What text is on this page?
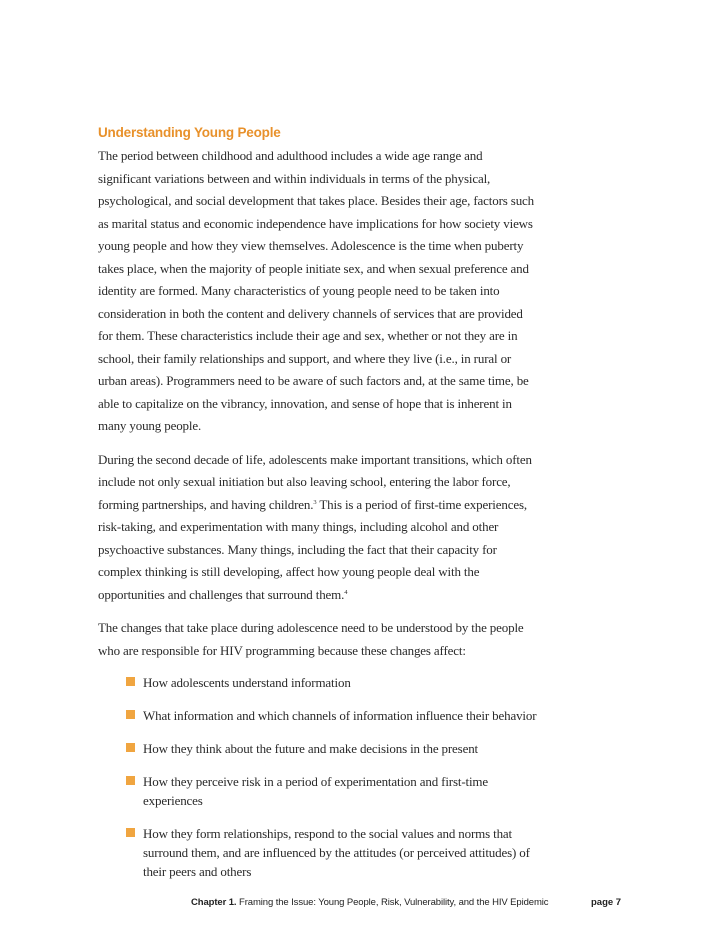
Understanding Young People

The period between childhood and adulthood includes a wide age range and significant variations between and within individuals in terms of the physical, psychological, and social development that takes place. Besides their age, factors such as marital status and economic independence have implications for how society views young people and how they view themselves. Adolescence is the time when puberty takes place, when the majority of people initiate sex, and when sexual preference and identity are formed. Many characteristics of young people need to be taken into consideration in both the content and delivery channels of services that are provided for them. These characteristics include their age and sex, whether or not they are in school, their family relationships and support, and where they live (i.e., in rural or urban areas). Programmers need to be aware of such factors and, at the same time, be able to capitalize on the vibrancy, innovation, and sense of hope that is inherent in many young people.

During the second decade of life, adolescents make important transitions, which often include not only sexual initiation but also leaving school, entering the labor force, forming partnerships, and having children.$^3$ This is a period of first-time experiences, risk-taking, and experimentation with many things, including alcohol and other psychoactive substances. Many things, including the fact that their capacity for complex thinking is still developing, affect how young people deal with the opportunities and challenges that surround them.$^4$

The changes that take place during adolescence need to be understood by the people who are responsible for HIV programming because these changes affect:

How adolescents understand information
What information and which channels of information influence their behavior
How they think about the future and make decisions in the present
How they perceive risk in a period of experimentation and first-time experiences
How they form relationships, respond to the social values and norms that surround them, and are influenced by the attitudes (or perceived attitudes) of their peers and others
Chapter 1. Framing the Issue: Young People, Risk, Vulnerability, and the HIV Epidemic	page 7
